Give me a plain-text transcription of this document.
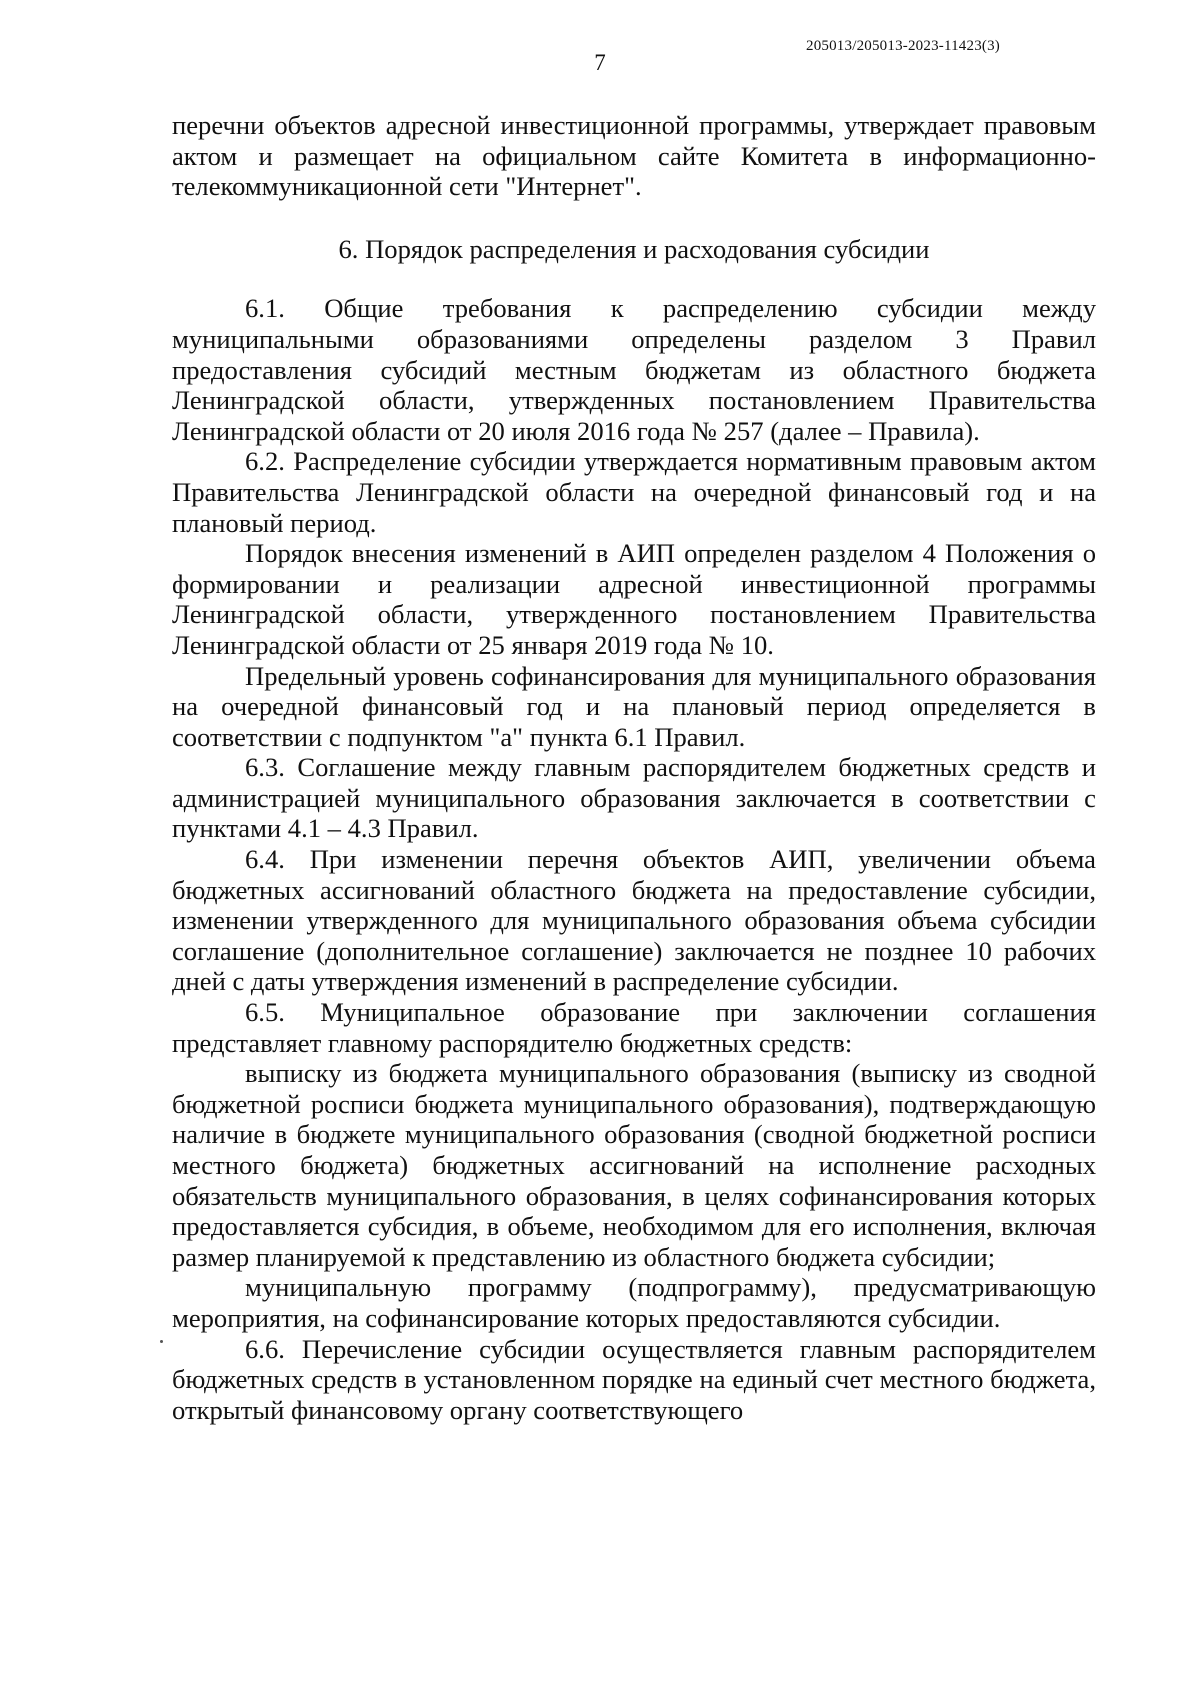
205013/205013-2023-11423(3)
7

перечни объектов адресной инвестиционной программы, утверждает правовым актом и размещает на официальном сайте Комитета в информационно-телекоммуникационной сети "Интернет".

6. Порядок распределения и расходования субсидии

6.1. Общие требования к распределению субсидии между муниципальными образованиями определены разделом 3 Правил предоставления субсидий местным бюджетам из областного бюджета Ленинградской области, утвержденных постановлением Правительства Ленинградской области от 20 июля 2016 года № 257 (далее – Правила).

6.2. Распределение субсидии утверждается нормативным правовым актом Правительства Ленинградской области на очередной финансовый год и на плановый период.

Порядок внесения изменений в АИП определен разделом 4 Положения о формировании и реализации адресной инвестиционной программы Ленинградской области, утвержденного постановлением Правительства Ленинградской области от 25 января 2019 года № 10.

Предельный уровень софинансирования для муниципального образования на очередной финансовый год и на плановый период определяется в соответствии с подпунктом "а" пункта 6.1 Правил.

6.3. Соглашение между главным распорядителем бюджетных средств и администрацией муниципального образования заключается в соответствии с пунктами 4.1 – 4.3 Правил.

6.4. При изменении перечня объектов АИП, увеличении объема бюджетных ассигнований областного бюджета на предоставление субсидии, изменении утвержденного для муниципального образования объема субсидии соглашение (дополнительное соглашение) заключается не позднее 10 рабочих дней с даты утверждения изменений в распределение субсидии.

6.5. Муниципальное образование при заключении соглашения представляет главному распорядителю бюджетных средств:

выписку из бюджета муниципального образования (выписку из сводной бюджетной росписи бюджета муниципального образования), подтверждающую наличие в бюджете муниципального образования (сводной бюджетной росписи местного бюджета) бюджетных ассигнований на исполнение расходных обязательств муниципального образования, в целях софинансирования которых предоставляется субсидия, в объеме, необходимом для его исполнения, включая размер планируемой к представлению из областного бюджета субсидии;

муниципальную программу (подпрограмму), предусматривающую мероприятия, на софинансирование которых предоставляются субсидии.

6.6. Перечисление субсидии осуществляется главным распорядителем бюджетных средств в установленном порядке на единый счет местного бюджета, открытый финансовому органу соответствующего
